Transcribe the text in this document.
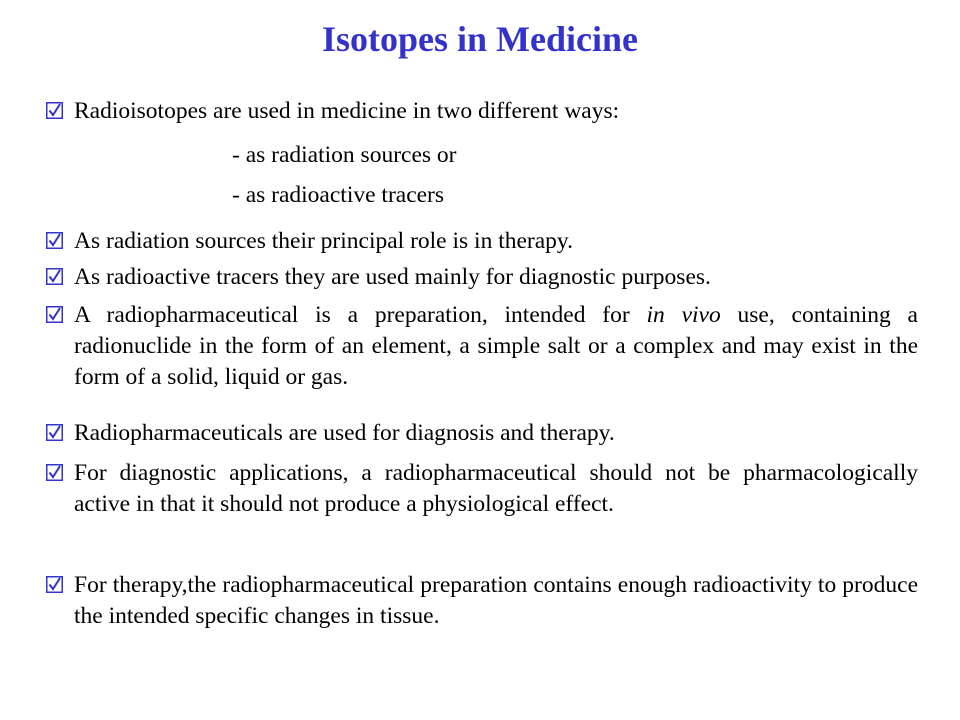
Isotopes in Medicine
Radioisotopes are used in medicine in two different ways:
- as radiation sources or
- as radioactive tracers
As radiation sources their principal role is in therapy.
As radioactive tracers they are used mainly for diagnostic purposes.
A radiopharmaceutical is a preparation, intended for in vivo use, containing a radionuclide in the form of an element, a simple salt or a complex and may exist in the form of a solid, liquid or gas.
Radiopharmaceuticals are used for diagnosis and therapy.
For diagnostic applications, a radiopharmaceutical should not be pharmacologically active in that it should not produce a physiological effect.
For therapy,the radiopharmaceutical preparation contains enough radioactivity to produce the intended specific changes in tissue.
